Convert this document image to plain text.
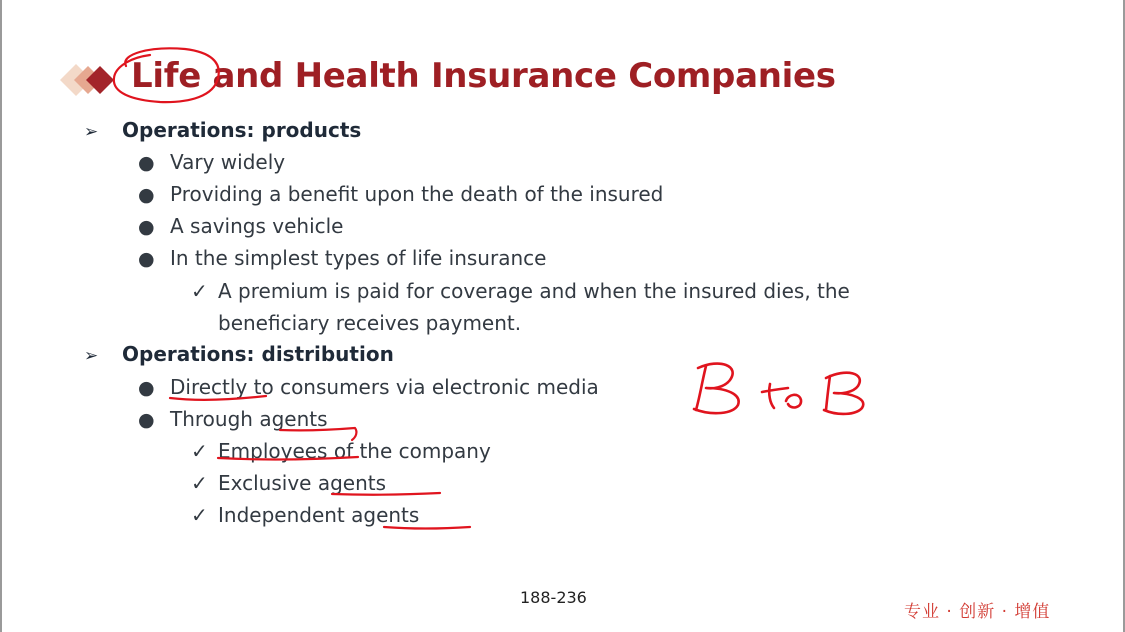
Life and Health Insurance Companies
➢ Operations: products
● Vary widely
● Providing a benefit upon the death of the insured
● A savings vehicle
● In the simplest types of life insurance
✓ A premium is paid for coverage and when the insured dies, the
beneficiary receives payment.
➢ Operations: distribution
● Directly to consumers via electronic media
● Through agents
✓ Employees of the company
✓ Exclusive agents
✓ Independent agents
188-236
专业 · 创新 · 增值
